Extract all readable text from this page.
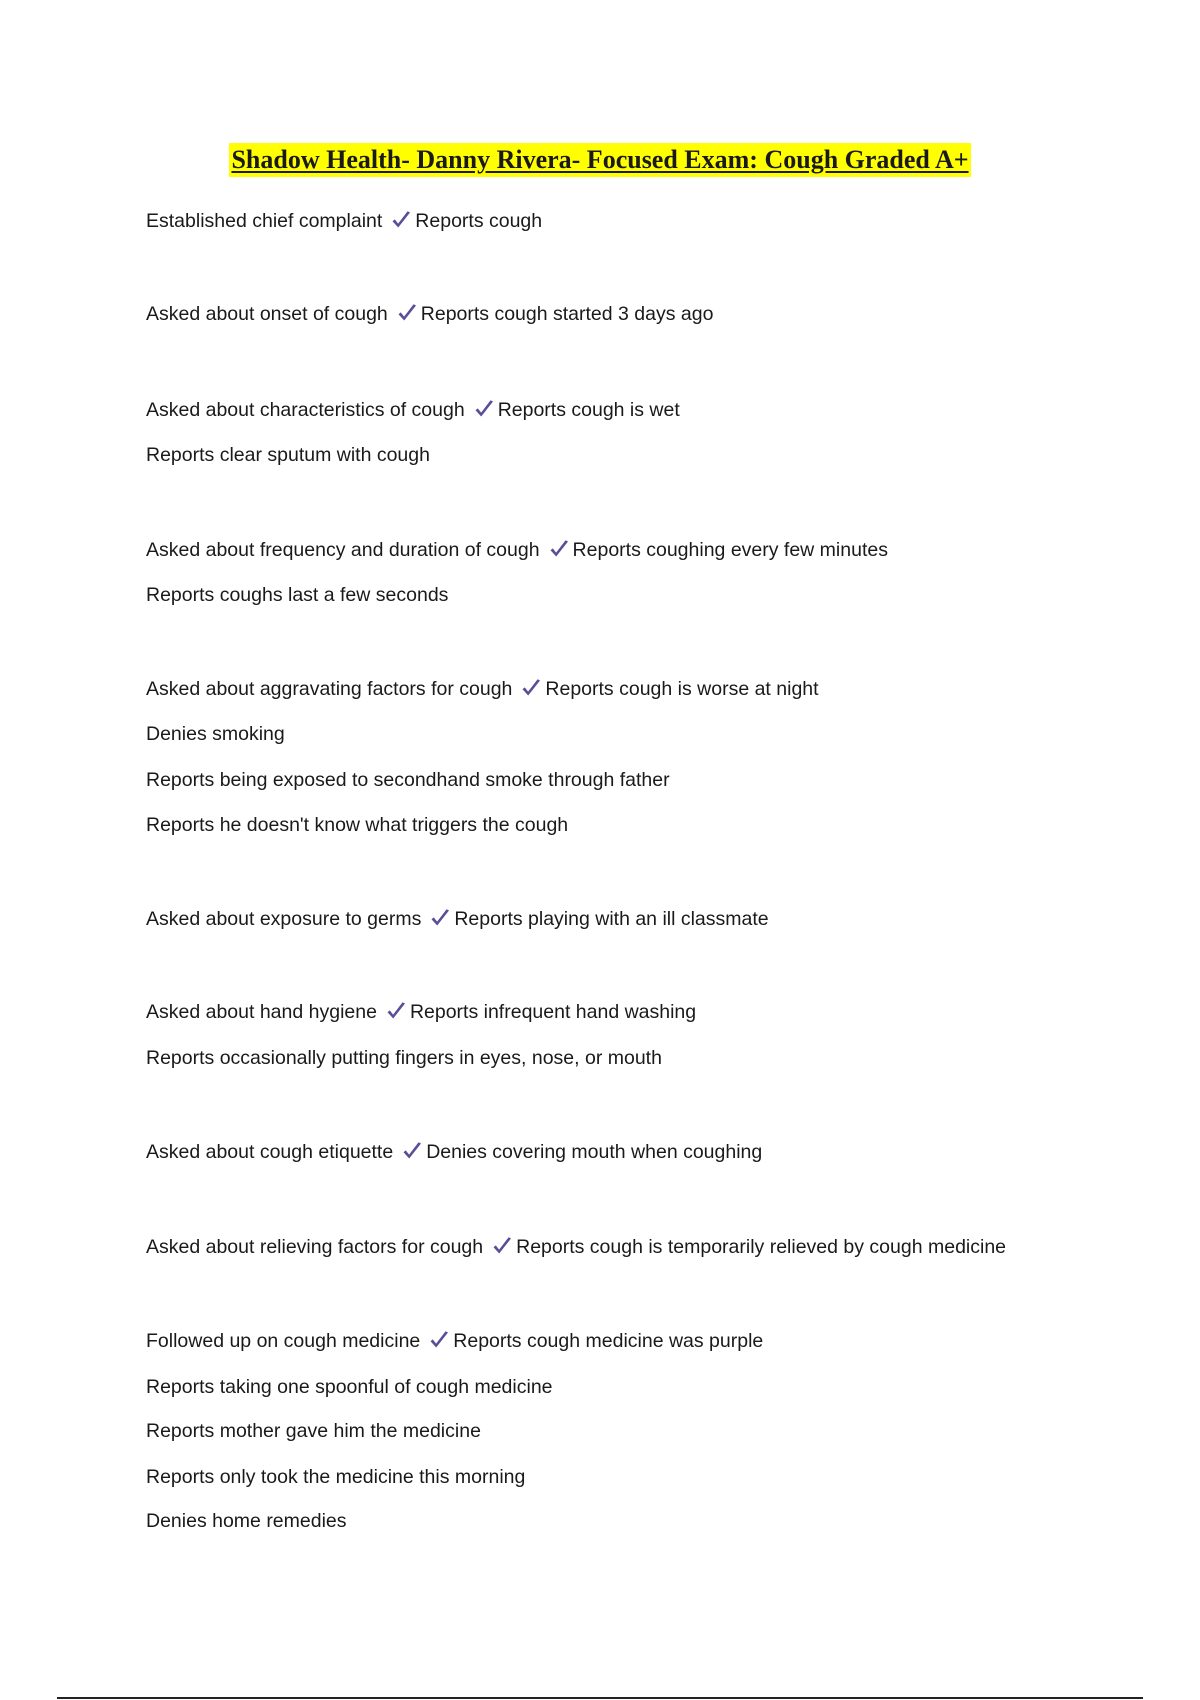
Shadow Health- Danny Rivera- Focused Exam: Cough Graded A+
Established chief complaint Reports cough
Asked about onset of cough Reports cough started 3 days ago
Asked about characteristics of cough Reports cough is wet
Reports clear sputum with cough
Asked about frequency and duration of cough Reports coughing every few minutes
Reports coughs last a few seconds
Asked about aggravating factors for cough Reports cough is worse at night
Denies smoking
Reports being exposed to secondhand smoke through father
Reports he doesn't know what triggers the cough
Asked about exposure to germs Reports playing with an ill classmate
Asked about hand hygiene Reports infrequent hand washing
Reports occasionally putting fingers in eyes, nose, or mouth
Asked about cough etiquette Denies covering mouth when coughing
Asked about relieving factors for cough Reports cough is temporarily relieved by cough medicine
Followed up on cough medicine Reports cough medicine was purple
Reports taking one spoonful of cough medicine
Reports mother gave him the medicine
Reports only took the medicine this morning
Denies home remedies
